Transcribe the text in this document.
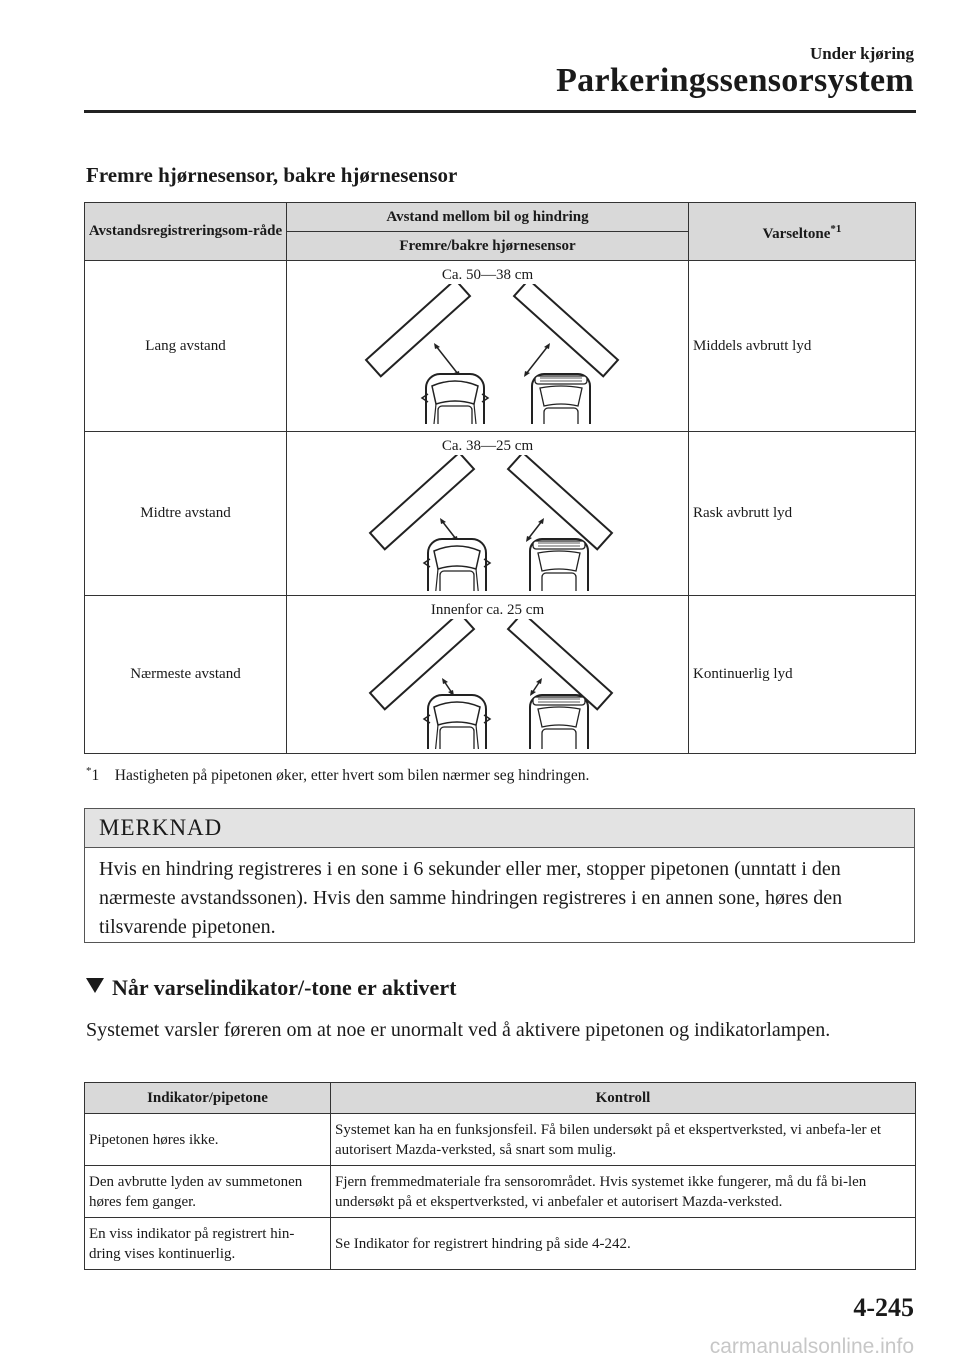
Under kjøring
Parkeringssensorsystem
Fremre hjørnesensor, bakre hjørnesensor
Avstandsregistreringsom-råde	Avstand mellom bil og hindring	Varseltone$^{*1}$
	Fremre/bakre hjørnesensor	
Lang avstand	Ca. 50—38 cm	Middels avbrutt lyd
Midtre avstand	Ca. 38—25 cm	Rask avbrutt lyd
Nærmeste avstand	Innenfor ca. 25 cm	Kontinuerlig lyd
*1 Hastigheten på pipetonen øker, etter hvert som bilen nærmer seg hindringen.
MERKNAD
Hvis en hindring registreres i en sone i 6 sekunder eller mer, stopper pipetonen (unntatt i den nærmeste avstandssonen). Hvis den samme hindringen registreres i en annen sone, høres den tilsvarende pipetonen.
Når varselindikator/-tone er aktivert
Systemet varsler føreren om at noe er unormalt ved å aktivere pipetonen og indikatorlampen.
Indikator/pipetone	Kontroll
Pipetonen høres ikke.	Systemet kan ha en funksjonsfeil. Få bilen undersøkt på et ekspertverksted, vi anbefa-ler et autorisert Mazda-verksted, så snart som mulig.
Den avbrutte lyden av summetonen høres fem ganger.	Fjern fremmedmateriale fra sensorområdet. Hvis systemet ikke fungerer, må du få bi-len undersøkt på et ekspertverksted, vi anbefaler et autorisert Mazda-verksted.
En viss indikator på registrert hin-dring vises kontinuerlig.	Se Indikator for registrert hindring på side 4-242.
4-245
carmanualsonline.info
